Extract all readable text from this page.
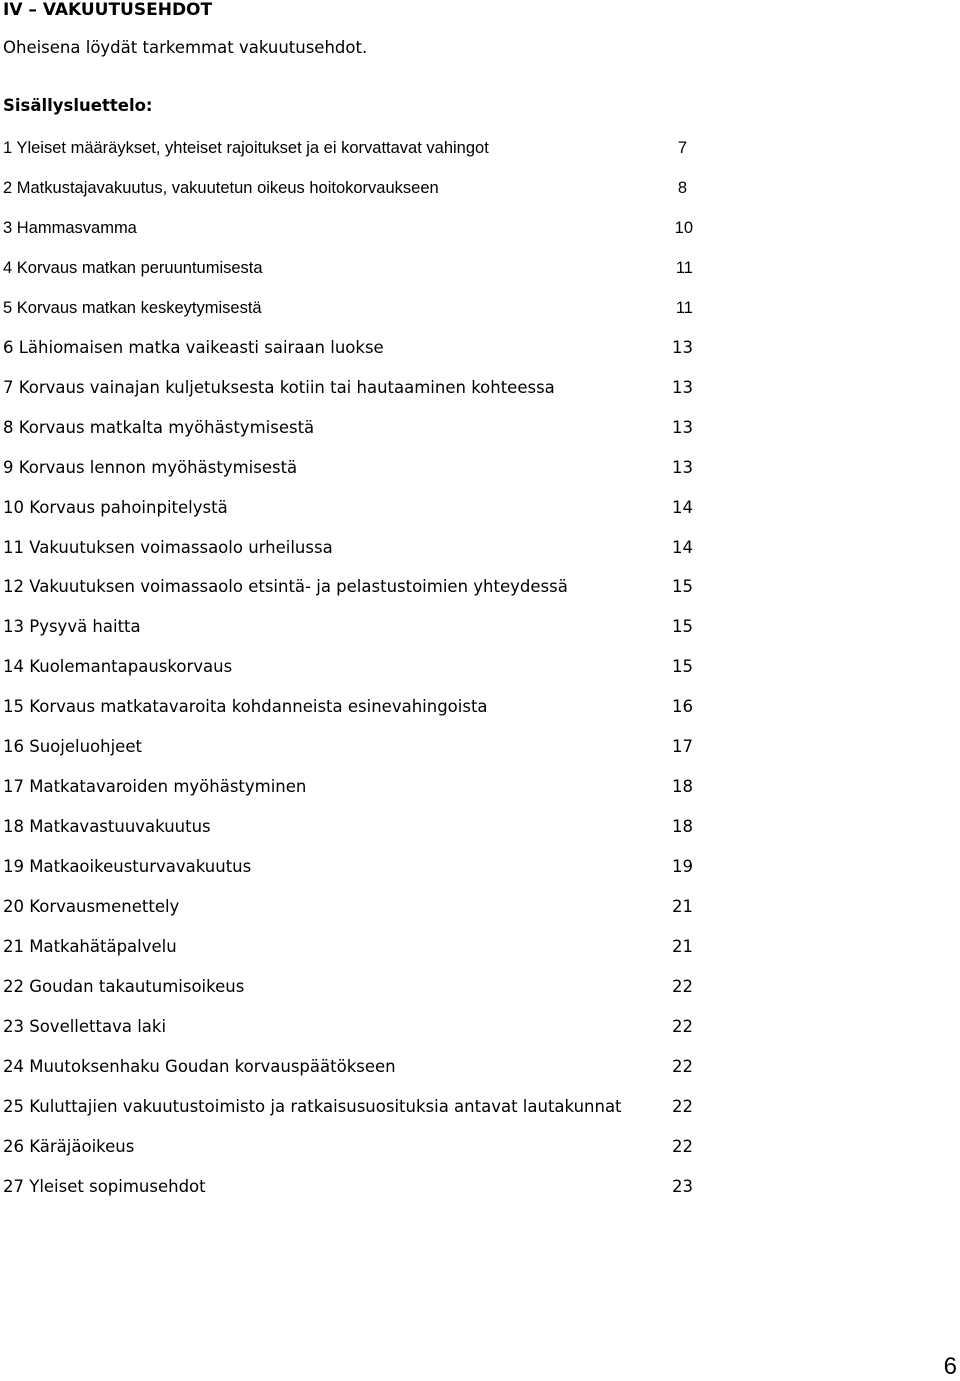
IV – VAKUUTUSEHDOT
Oheisena löydät tarkemmat vakuutusehdot.
Sisällysluettelo:
1 Yleiset määräykset, yhteiset rajoitukset ja ei korvattavat vahingot	7
2 Matkustajavakuutus, vakuutetun oikeus hoitokorvaukseen	8
3 Hammasvamma	10
4 Korvaus matkan peruuntumisesta	11
5 Korvaus matkan keskeytymisestä	11
6 Lähiomaisen matka vaikeasti sairaan luokse	13
7 Korvaus vainajan kuljetuksesta kotiin tai hautaaminen kohteessa	13
8 Korvaus matkalta myöhästymisestä	13
9 Korvaus lennon myöhästymisestä	13
10 Korvaus pahoinpitelystä	14
11 Vakuutuksen voimassaolo urheilussa	14
12 Vakuutuksen voimassaolo etsintä- ja pelastustoimien yhteydessä	15
13 Pysyvä haitta	15
14 Kuolemantapauskorvaus	15
15 Korvaus matkatavaroita kohdanneista esinevahingoista	16
16 Suojeluohjeet	17
17 Matkatavaroiden myöhästyminen	18
18 Matkavastuuvakuutus	18
19 Matkaoikeusturvavakuutus	19
20 Korvausmenettely	21
21 Matkahätäpalvelu	21
22 Goudan takautumisoikeus	22
23 Sovellettava laki	22
24 Muutoksenhaku Goudan korvauspäätökseen	22
25 Kuluttajien vakuutustoimisto ja ratkaisusuosituksia antavat lautakunnat	22
26 Käräjäoikeus	22
27 Yleiset sopimusehdot	23
6
